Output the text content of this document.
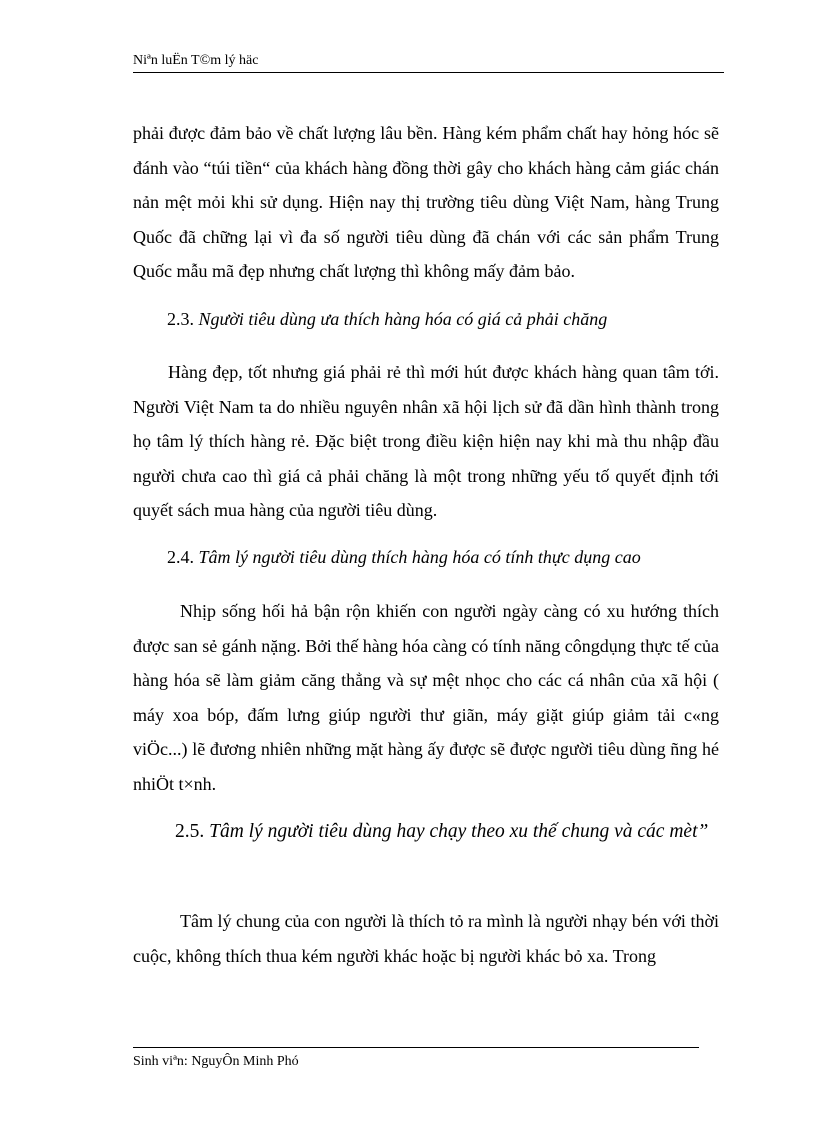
Niªn luËn T©m lý häc

phải được đảm bảo về chất lượng lâu bền. Hàng kém phẩm chất hay hỏng hóc sẽ đánh vào “túi tiền“ của khách hàng đồng thời gây cho khách hàng cảm giác chán nản mệt mỏi khi sử dụng. Hiện nay thị trường tiêu dùng Việt Nam, hàng Trung Quốc đã chững lại vì đa số người tiêu dùng đã chán với các sản phẩm Trung Quốc mẫu mã đẹp nhưng chất lượng thì không mấy đảm bảo.

2.3. Người tiêu dùng ưa thích hàng hóa có giá cả phải chăng

Hàng đẹp, tốt nhưng giá phải rẻ thì mới hút được khách hàng quan tâm tới. Người Việt Nam ta do nhiều nguyên nhân xã hội lịch sử đã dần hình thành trong họ tâm lý thích hàng rẻ. Đặc biệt trong điều kiện hiện nay khi mà thu nhập đầu người chưa cao thì giá cả phải chăng là một trong những yếu tố quyết định tới quyết sách mua hàng của người tiêu dùng.

2.4. Tâm lý người tiêu dùng thích hàng hóa có tính thực dụng cao

Nhịp sống hối hả bận rộn khiến con người ngày càng có xu hướng thích được san sẻ gánh nặng. Bởi thế hàng hóa càng có tính năng côngdụng thực tế của hàng hóa sẽ làm giảm căng thẳng và sự mệt nhọc cho các cá nhân của xã hội ( máy xoa bóp, đấm lưng giúp người thư giãn, máy giặt giúp giảm tải c«ng viÖc...) lẽ đương nhiên những mặt hàng ấy được sẽ được người tiêu dùng ñng hé nhiÖt t×nh.

2.5. Tâm lý người tiêu dùng hay chạy theo xu thế chung và các mèt”

Tâm lý chung của con người là thích tỏ ra mình là người nhạy bén với thời cuộc, không thích thua kém người khác hoặc bị người khác bỏ xa. Trong

Sinh viªn: NguyÔn Minh Phó
